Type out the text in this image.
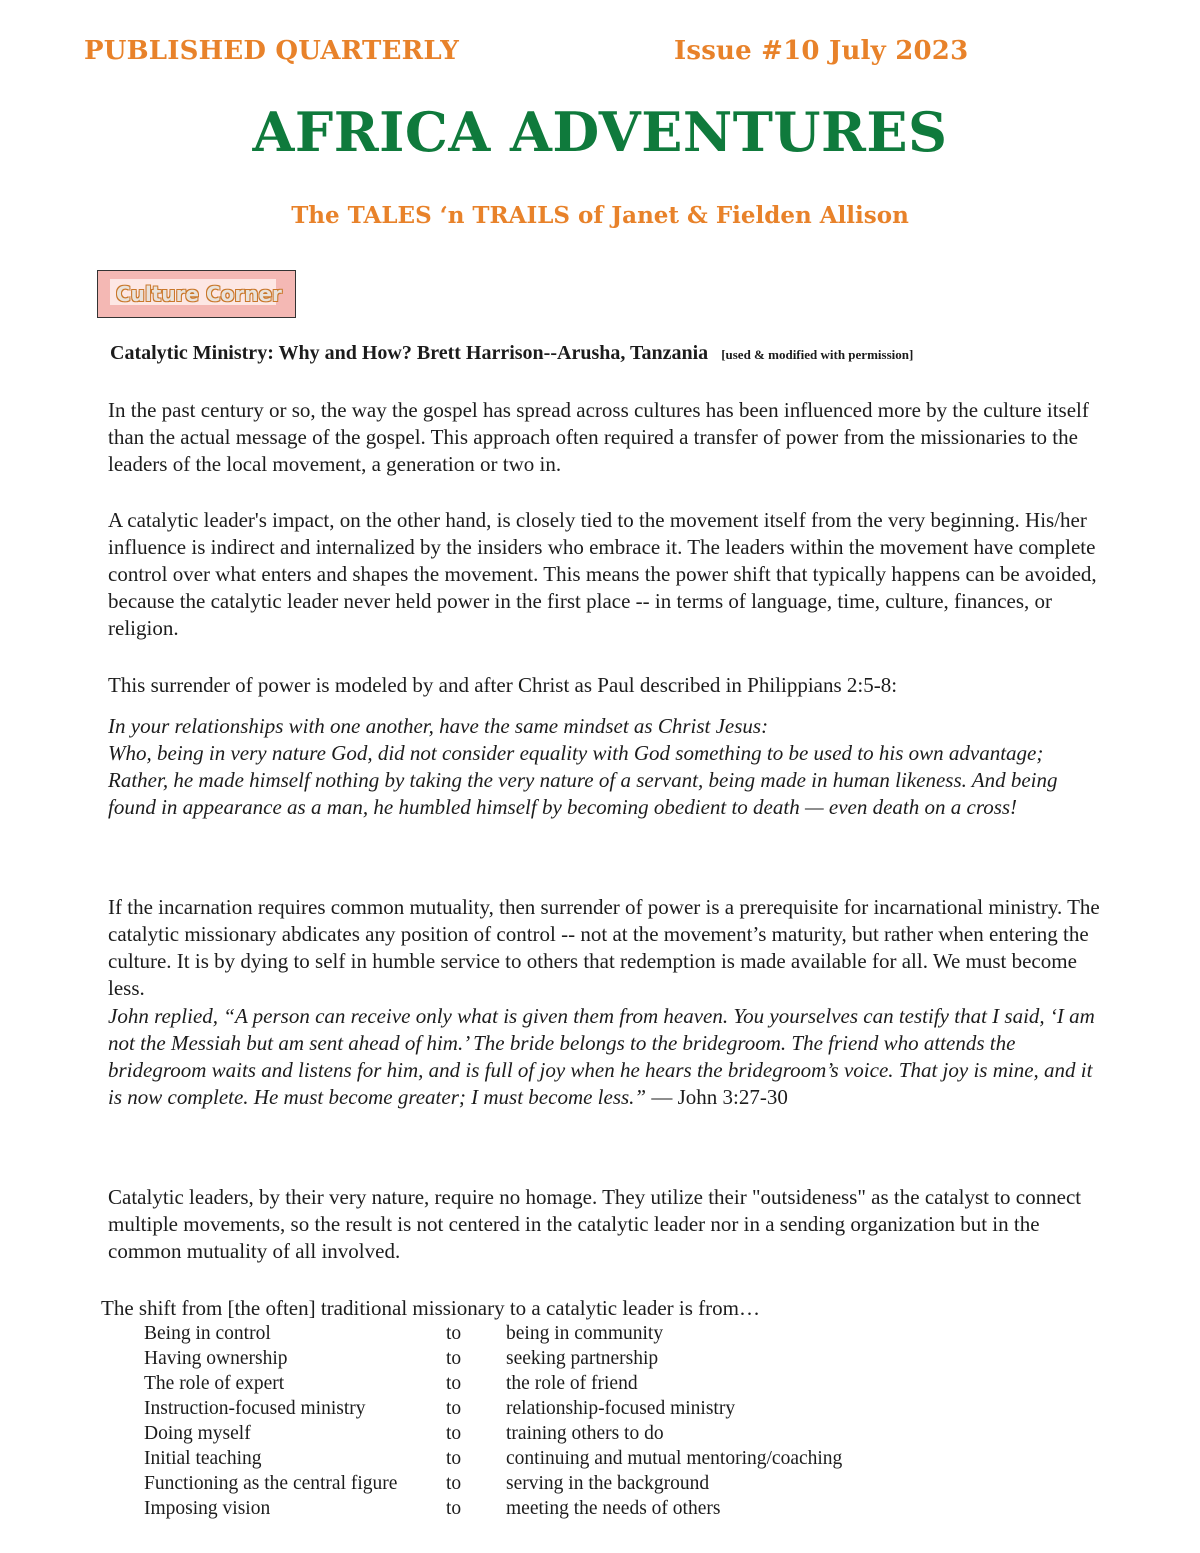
PUBLISHED QUARTERLY	Issue #10 July 2023
AFRICA ADVENTURES
The TALES ‘n TRAILS of Janet & Fielden Allison
Culture Corner
Catalytic Ministry: Why and How? Brett Harrison--Arusha, Tanzania [used & modified with permission]

In the past century or so, the way the gospel has spread across cultures has been influenced more by the culture itself than the actual message of the gospel. This approach often required a transfer of power from the missionaries to the leaders of the local movement, a generation or two in.

A catalytic leader's impact, on the other hand, is closely tied to the movement itself from the very beginning. His/her influence is indirect and internalized by the insiders who embrace it. The leaders within the movement have complete control over what enters and shapes the movement. This means the power shift that typically happens can be avoided, because the catalytic leader never held power in the first place -- in terms of language, time, culture, finances, or religion.

This surrender of power is modeled by and after Christ as Paul described in Philippians 2:5-8:

In your relationships with one another, have the same mindset as Christ Jesus:
Who, being in very nature God, did not consider equality with God something to be used to his own advantage; Rather, he made himself nothing by taking the very nature of a servant, being made in human likeness. And being found in appearance as a man, he humbled himself by becoming obedient to death — even death on a cross!

If the incarnation requires common mutuality, then surrender of power is a prerequisite for incarnational ministry. The catalytic missionary abdicates any position of control -- not at the movement’s maturity, but rather when entering the culture. It is by dying to self in humble service to others that redemption is made available for all. We must become less.

John replied, “A person can receive only what is given them from heaven. You yourselves can testify that I said, ‘I am not the Messiah but am sent ahead of him.’ The bride belongs to the bridegroom. The friend who attends the bridegroom waits and listens for him, and is full of joy when he hears the bridegroom’s voice. That joy is mine, and it is now complete. He must become greater; I must become less.” — John 3:27-30

Catalytic leaders, by their very nature, require no homage. They utilize their "outsideness" as the catalyst to connect multiple movements, so the result is not centered in the catalytic leader nor in a sending organization but in the common mutuality of all involved.

The shift from [the often] traditional missionary to a catalytic leader is from…
Being in control	to being in community
Having ownership	to seeking partnership
The role of expert	to the role of friend
Instruction-focused ministry	to relationship-focused ministry
Doing myself	to training others to do
Initial teaching	to continuing and mutual mentoring/coaching
Functioning as the central figure to serving in the background
Imposing vision	to meeting the needs of others
